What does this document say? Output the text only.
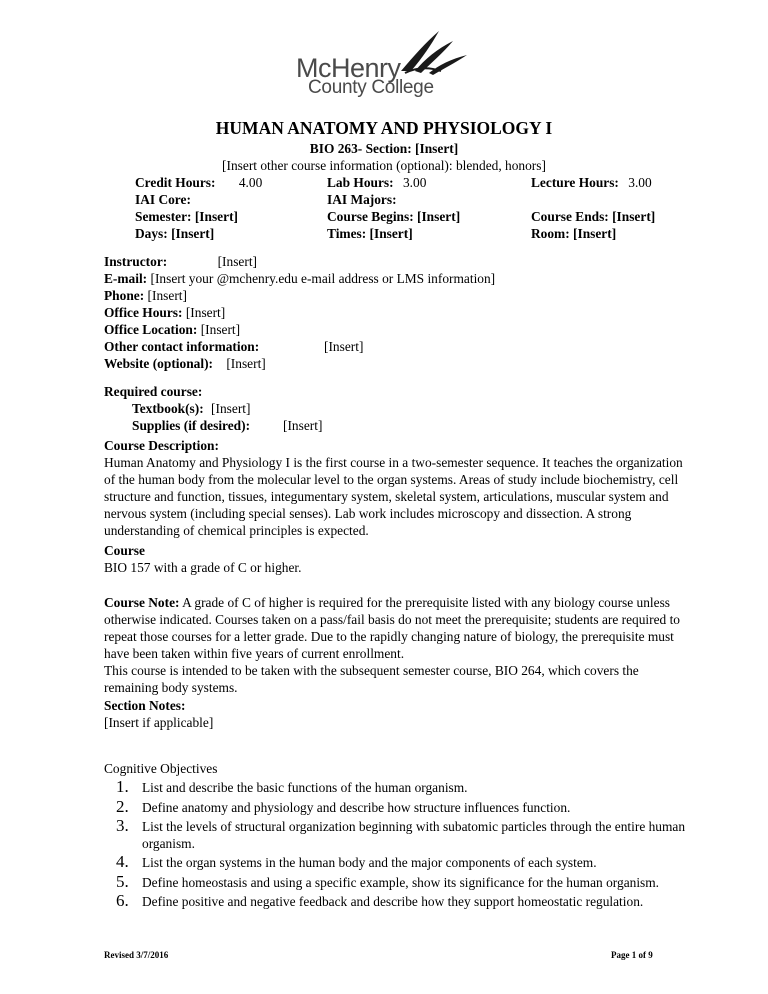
McHenry
County College
HUMAN ANATOMY AND PHYSIOLOGY I
BIO 263- Section: [Insert]
[Insert other course information (optional): blended, honors]
Credit Hours: 4.00	Lab Hours: 3.00	Lecture Hours: 3.00
IAI Core:	IAI Majors:
Semester: [Insert]	Course Begins: [Insert]	Course Ends: [Insert]
Days: [Insert]	Times: [Insert]	Room: [Insert]
Instructor:	[Insert]
E-mail: [Insert your @mchenry.edu e-mail address or LMS information]
Phone: [Insert]
Office Hours: [Insert]
Office Location: [Insert]
Other contact information:	[Insert]
Website (optional): [Insert]
Required course:
Textbook(s): [Insert]
Supplies (if desired): [Insert]
Course Description:
Human Anatomy and Physiology I is the first course in a two-semester sequence. It teaches the organization of the human body from the molecular level to the organ systems. Areas of study include biochemistry, cell structure and function, tissues, integumentary system, skeletal system, articulations, muscular system and nervous system (including special senses). Lab work includes microscopy and dissection. A strong understanding of chemical principles is expected.
Course
BIO 157 with a grade of C or higher.
Course Note: A grade of C of higher is required for the prerequisite listed with any biology course unless otherwise indicated. Courses taken on a pass/fail basis do not meet the prerequisite; students are required to repeat those courses for a letter grade. Due to the rapidly changing nature of biology, the prerequisite must have been taken within five years of current enrollment.
This course is intended to be taken with the subsequent semester course, BIO 264, which covers the remaining body systems.
Section Notes:
[Insert if applicable]
Cognitive Objectives
1. List and describe the basic functions of the human organism.
2. Define anatomy and physiology and describe how structure influences function.
3. List the levels of structural organization beginning with subatomic particles through the entire human organism.
4. List the organ systems in the human body and the major components of each system.
5. Define homeostasis and using a specific example, show its significance for the human organism.
6. Define positive and negative feedback and describe how they support homeostatic regulation.
Revised 3/7/2016	Page 1 of 9
